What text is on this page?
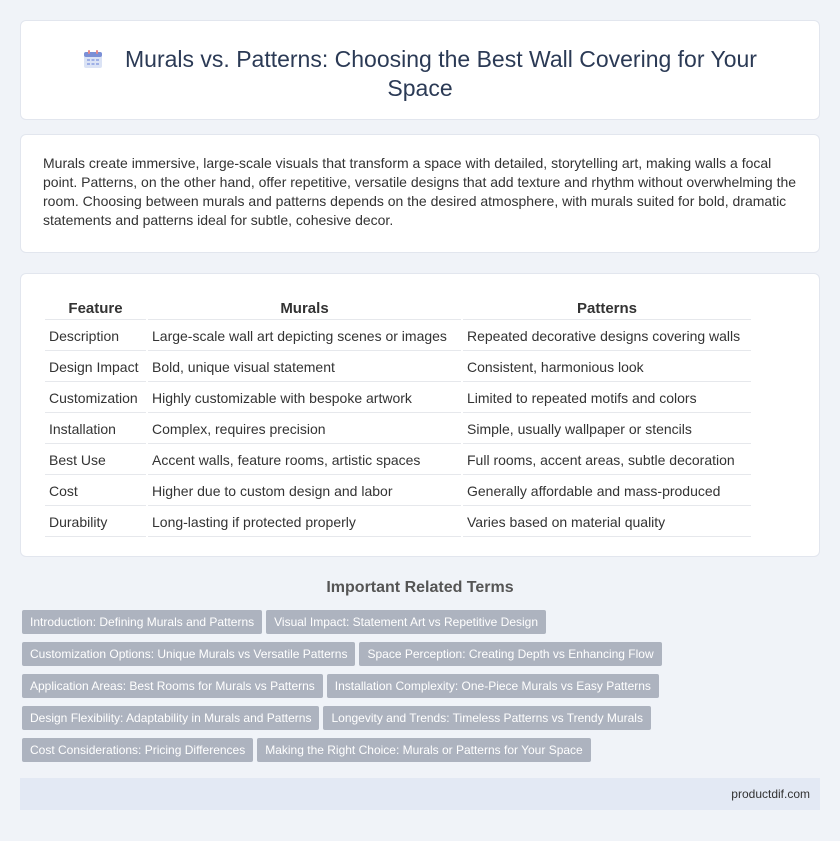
Murals vs. Patterns: Choosing the Best Wall Covering for Your Space

Murals create immersive, large-scale visuals that transform a space with detailed, storytelling art, making walls a focal point. Patterns, on the other hand, offer repetitive, versatile designs that add texture and rhythm without overwhelming the room. Choosing between murals and patterns depends on the desired atmosphere, with murals suited for bold, dramatic statements and patterns ideal for subtle, cohesive decor.

Feature	Murals	Patterns
Description	Large-scale wall art depicting scenes or images	Repeated decorative designs covering walls
Design Impact	Bold, unique visual statement	Consistent, harmonious look
Customization	Highly customizable with bespoke artwork	Limited to repeated motifs and colors
Installation	Complex, requires precision	Simple, usually wallpaper or stencils
Best Use	Accent walls, feature rooms, artistic spaces	Full rooms, accent areas, subtle decoration
Cost	Higher due to custom design and labor	Generally affordable and mass-produced
Durability	Long-lasting if protected properly	Varies based on material quality
Important Related Terms
Introduction: Defining Murals and Patterns Visual Impact: Statement Art vs Repetitive Design
Customization Options: Unique Murals vs Versatile Patterns Space Perception: Creating Depth vs Enhancing Flow
Application Areas: Best Rooms for Murals vs Patterns Installation Complexity: One-Piece Murals vs Easy Patterns
Design Flexibility: Adaptability in Murals and Patterns Longevity and Trends: Timeless Patterns vs Trendy Murals
Cost Considerations: Pricing Differences Making the Right Choice: Murals or Patterns for Your Space
productdif.com
